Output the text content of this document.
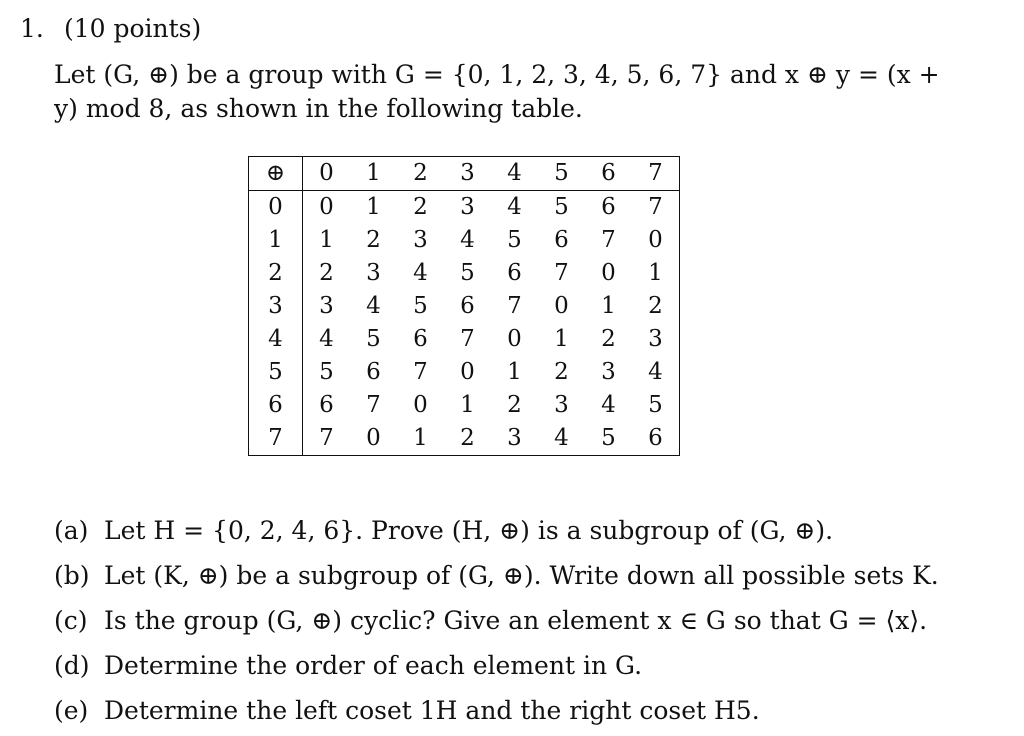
1. (10 points)
Let (G, ⊕) be a group with G = {0, 1, 2, 3, 4, 5, 6, 7} and x ⊕ y = (x +
y) mod 8, as shown in the following table.
⊕	0	1	2	3	4	5	6	7
0	0	1	2	3	4	5	6	7
1	1	2	3	4	5	6	7	0
2	2	3	4	5	6	7	0	1
3	3	4	5	6	7	0	1	2
4	4	5	6	7	0	1	2	3
5	5	6	7	0	1	2	3	4
6	6	7	0	1	2	3	4	5
7	7	0	1	2	3	4	5	6
(a) Let H = {0, 2, 4, 6}. Prove (H, ⊕) is a subgroup of (G, ⊕).
(b) Let (K, ⊕) be a subgroup of (G, ⊕). Write down all possible sets K.
(c) Is the group (G, ⊕) cyclic? Give an element x ∈ G so that G = ⟨x⟩.
(d) Determine the order of each element in G.
(e) Determine the left coset 1H and the right coset H5.
